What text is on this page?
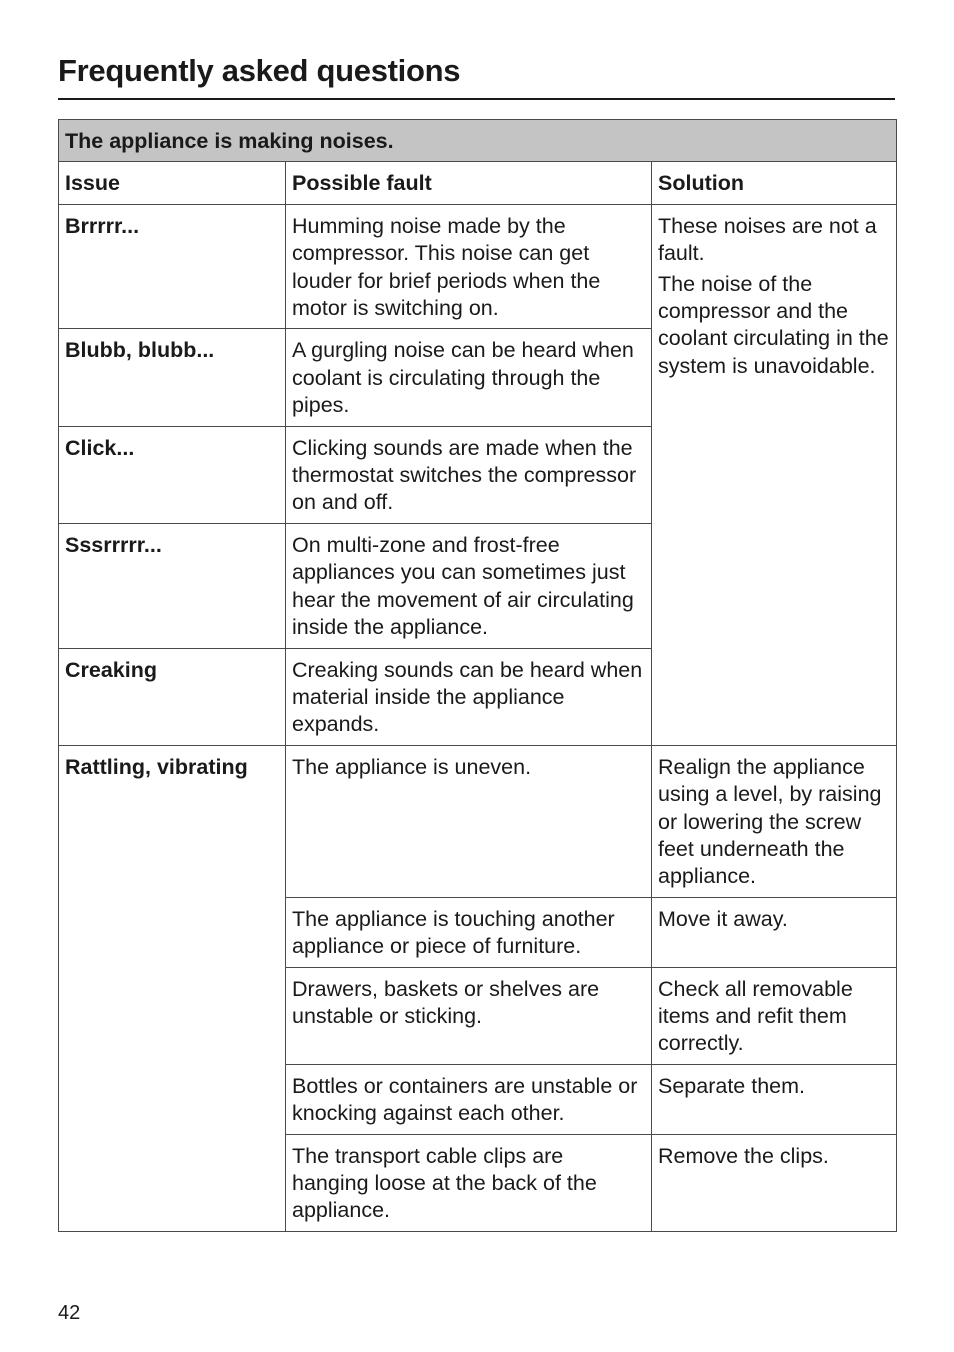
Frequently asked questions
The appliance is making noises.		
Issue	Possible fault	Solution
Brrrrr...	Humming noise made by the compressor. This noise can get louder for brief periods when the motor is switching on.	These noises are not a fault.

The noise of the compressor and the coolant circulating in the system is unavoidable.

Blubb, blubb...	A gurgling noise can be heard when coolant is circulating through the pipes.	
Click...	Clicking sounds are made when the thermostat switches the compressor on and off.	
Sssrrrrr...	On multi-zone and frost-free appliances you can sometimes just hear the movement of air circulating inside the appliance.	
Creaking	Creaking sounds can be heard when material inside the appliance expands.	
Rattling, vibrating	The appliance is uneven.	Realign the appliance using a level, by raising or lowering the screw feet underneath the appliance.
	The appliance is touching another appliance or piece of furniture.	Move it away.
	Drawers, baskets or shelves are unstable or sticking.	Check all removable items and refit them correctly.
	Bottles or containers are unstable or knocking against each other.	Separate them.
	The transport cable clips are hanging loose at the back of the appliance.	Remove the clips.
42
